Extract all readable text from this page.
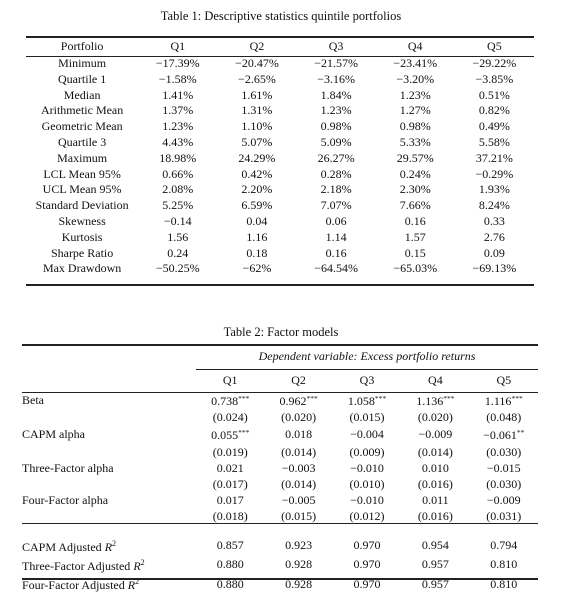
Table 1: Descriptive statistics quintile portfolios
Portfolio	Q1	Q2	Q3	Q4	Q5
Minimum	−17.39%	−20.47%	−21.57%	−23.41%	−29.22%
Quartile 1	−1.58%	−2.65%	−3.16%	−3.20%	−3.85%
Median	1.41%	1.61%	1.84%	1.23%	0.51%
Arithmetic Mean	1.37%	1.31%	1.23%	1.27%	0.82%
Geometric Mean	1.23%	1.10%	0.98%	0.98%	0.49%
Quartile 3	4.43%	5.07%	5.09%	5.33%	5.58%
Maximum	18.98%	24.29%	26.27%	29.57%	37.21%
LCL Mean 95%	0.66%	0.42%	0.28%	0.24%	−0.29%
UCL Mean 95%	2.08%	2.20%	2.18%	2.30%	1.93%
Standard Deviation	5.25%	6.59%	7.07%	7.66%	8.24%
Skewness	−0.14	0.04	0.06	0.16	0.33
Kurtosis	1.56	1.16	1.14	1.57	2.76
Sharpe Ratio	0.24	0.18	0.16	0.15	0.09
Max Drawdown	−50.25%	−62%	−64.54%	−65.03%	−69.13%
Table 2: Factor models
Dependent variable: Excess portfolio returns
	Q1	Q2	Q3	Q4	Q5
Beta	0.738***	0.962***	1.058***	1.136***	1.116***
	(0.024)	(0.020)	(0.015)	(0.020)	(0.048)
CAPM alpha	0.055***	0.018	−0.004	−0.009	−0.061**
	(0.019)	(0.014)	(0.009)	(0.014)	(0.030)
Three-Factor alpha	0.021	−0.003	−0.010	0.010	−0.015
	(0.017)	(0.014)	(0.010)	(0.016)	(0.030)
Four-Factor alpha	0.017	−0.005	−0.010	0.011	−0.009
	(0.018)	(0.015)	(0.012)	(0.016)	(0.031)

CAPM Adjusted $R^2$	0.857	0.923	0.970	0.954	0.794
Three-Factor Adjusted $R^2$	0.880	0.928	0.970	0.957	0.810
Four-Factor Adjusted $R^2$	0.880	0.928	0.970	0.957	0.810
